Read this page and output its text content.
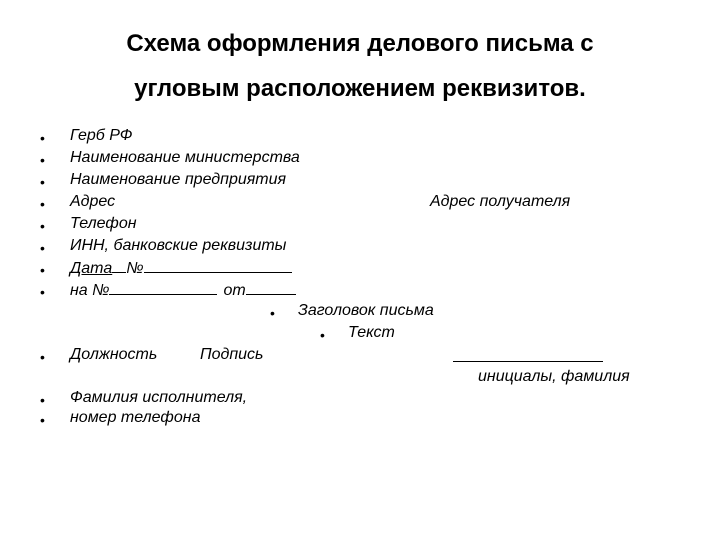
Схема оформления делового письма с
угловым расположением реквизитов.
• Герб РФ
• Наименование министерства
• Наименование предприятия
• Адрес
• Телефон
• ИНН, банковские реквизиты
• Дата №
• на №	от
Адрес получателя
• Заголовок письма
• Текст
• Должность	Подпись
инициалы, фамилия
• Фамилия исполнителя,
• номер телефона
